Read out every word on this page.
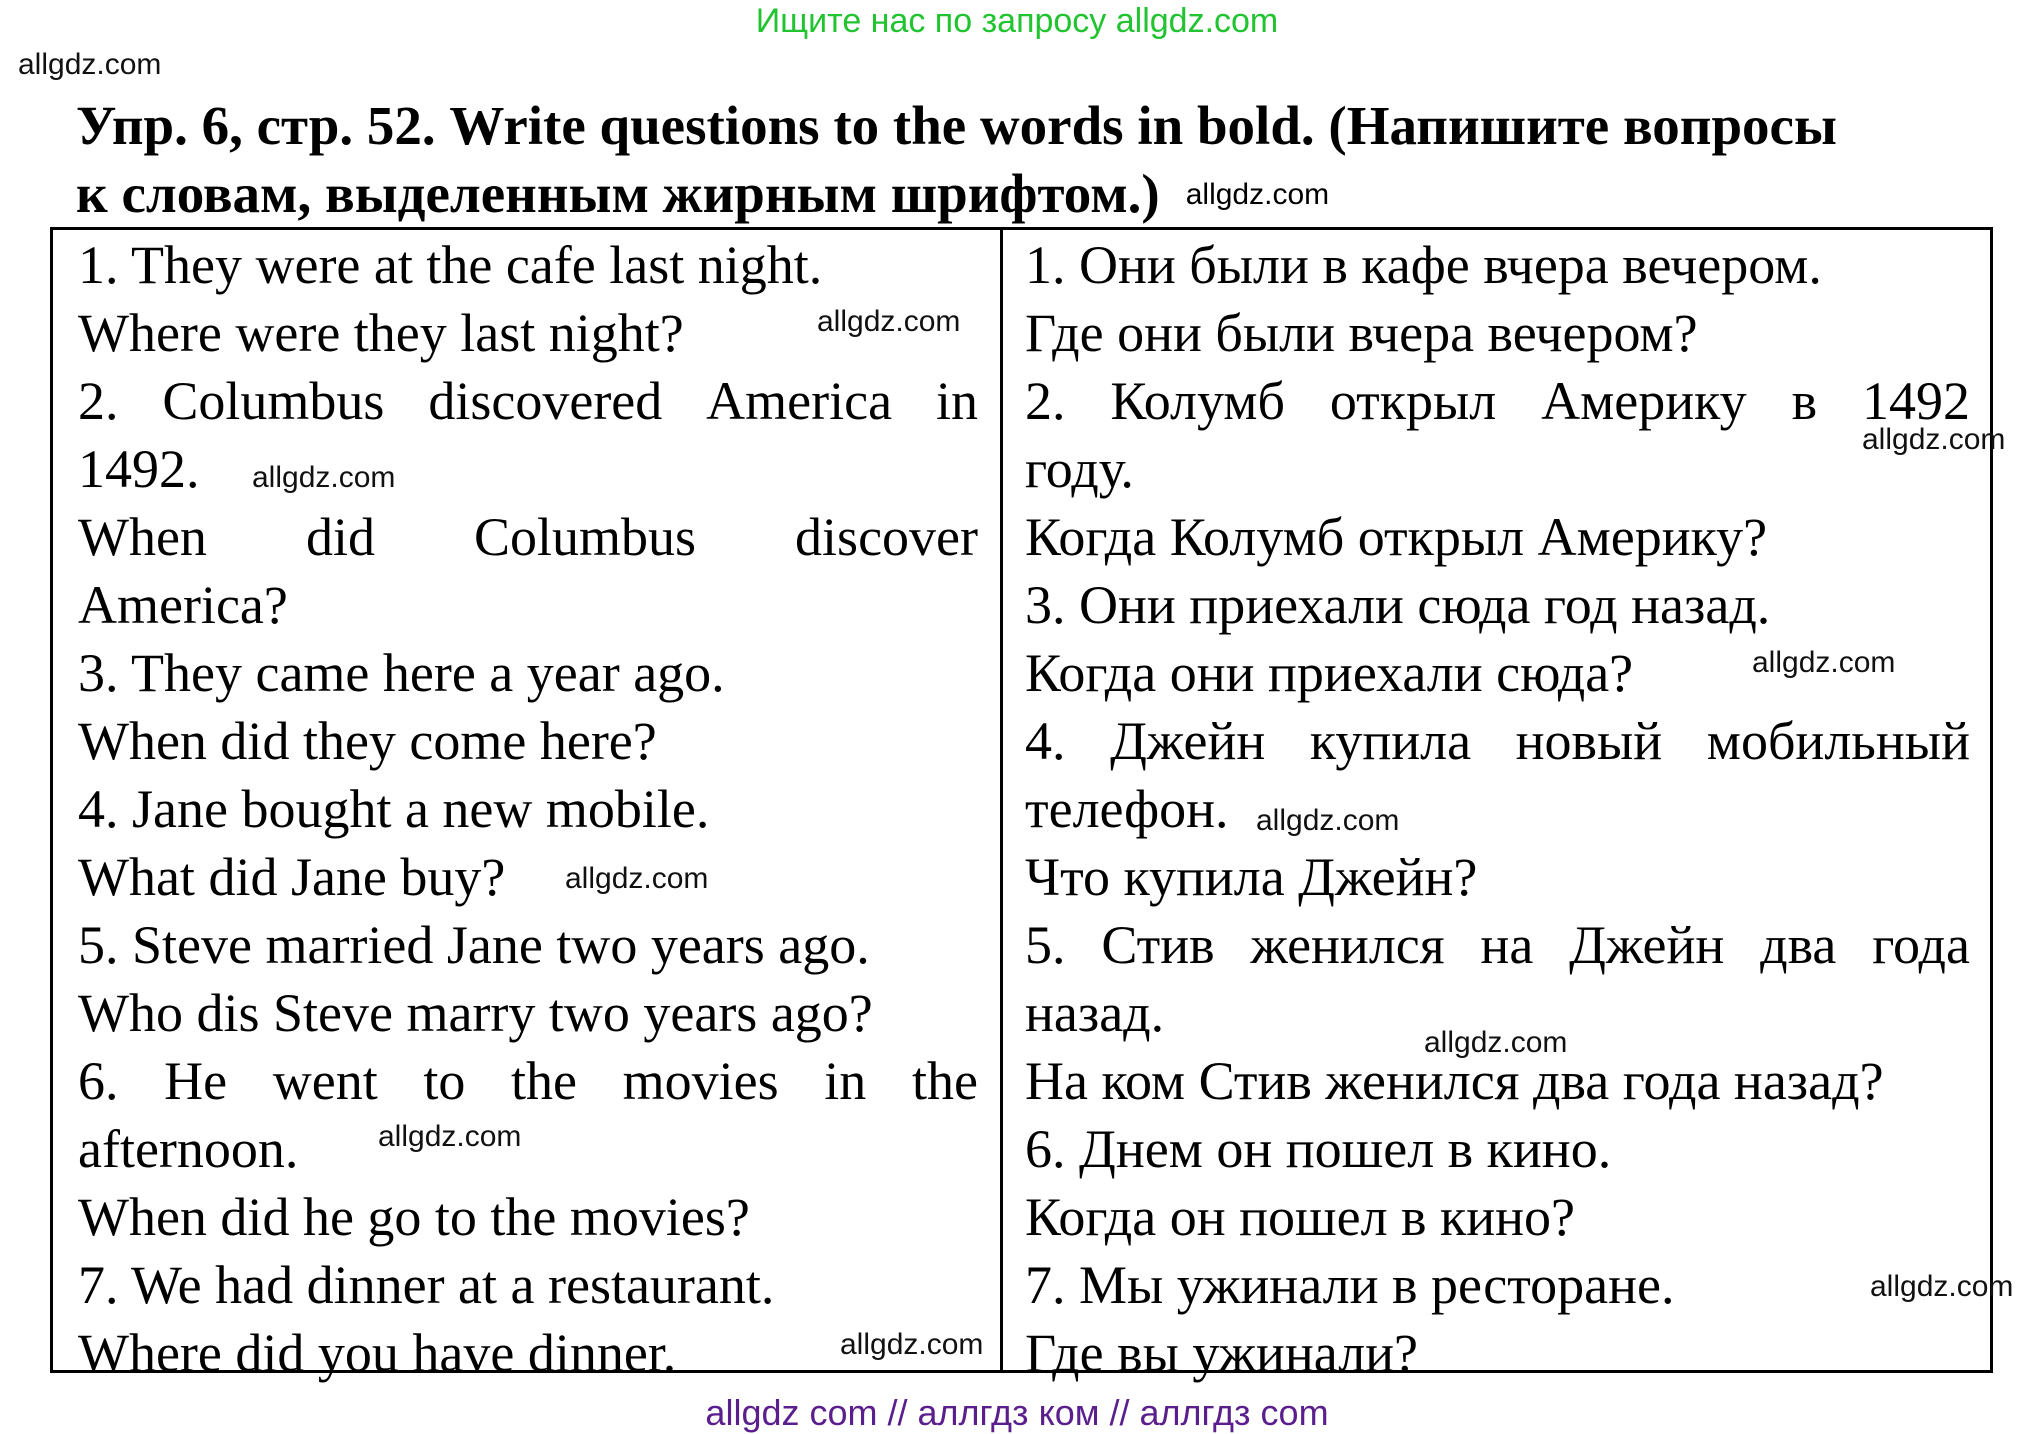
Ищите нас по запросу allgdz.com
allgdz.com
Упр. 6, стр. 52. Write questions to the words in bold. (Напишите вопросы
к словам, выделенным жирным шрифтом.) allgdz.com
1. They were at the cafe last night.
Where were they last night?
2. Columbus discovered America in
1492.
When did Columbus discover
America?
3. They came here a year ago.
When did they come here?
4. Jane bought a new mobile.
What did Jane buy?
5. Steve married Jane two years ago.
Who dis Steve marry two years ago?
6. He went to the movies in the
afternoon.
When did he go to the movies?
7. We had dinner at a restaurant.
Where did you have dinner.
1. Они были в кафе вчера вечером.
Где они были вчера вечером?
2. Колумб открыл Америку в 1492
году.
Когда Колумб открыл Америку?
3. Они приехали сюда год назад.
Когда они приехали сюда?
4. Джейн купила новый мобильный
телефон.
Что купила Джейн?
5. Стив женился на Джейн два года
назад.
На ком Стив женился два года назад?
6. Днем он пошел в кино.
Когда он пошел в кино?
7. Мы ужинали в ресторане.
Где вы ужинали?
allgdz.com
allgdz.com
allgdz.com
allgdz.com
allgdz.com
allgdz.com
allgdz.com
allgdz.com
allgdz.com
allgdz.com
allgdz com // аллгдз ком // аллгдз com
